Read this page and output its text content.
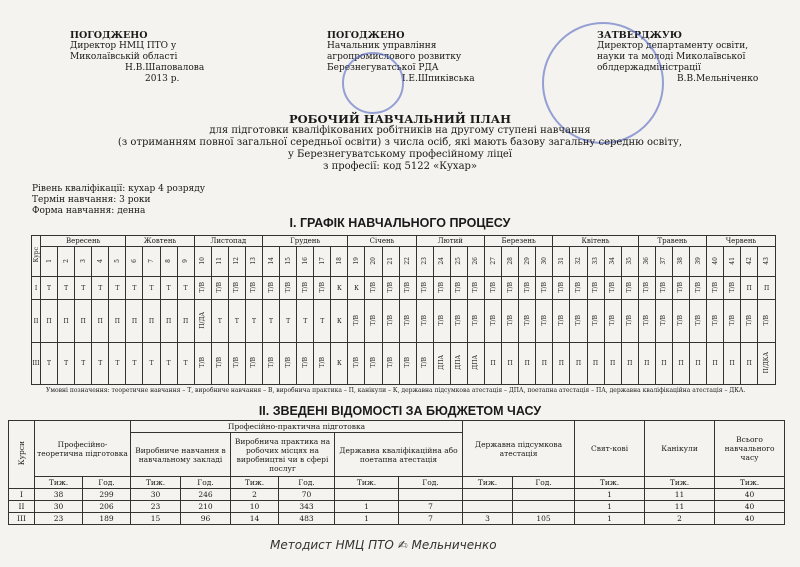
ПОГОДЖЕНО
Директор НМЦ ПТО у
Миколаївській області
Н.В.Шаповалова
2013 р.
ПОГОДЖЕНО
Начальник управління
агропромислового розвитку
Березнегуватської РДА
І.Е.Шпиківська
ЗАТВЕРДЖУЮ
Директор департаменту освіти,
науки та молоді Миколаївської
облдержадміністрації
В.В.Мельніченко
РОБОЧИЙ НАВЧАЛЬНИЙ ПЛАН
для підготовки кваліфікованих робітників на другому ступені навчання
(з отриманням повної загальної середньої освіти) з числа осіб, які мають базову загальну середню освіту,
у Березнегуватському професійному ліцеї
з професії: код 5122 «Кухар»
Рівень кваліфікації: кухар 4 розряду
Термін навчання: 3 роки
Форма навчання: денна
І. ГРАФІК НАВЧАЛЬНОГО ПРОЦЕСУ
Курс	Вересень					Жовтень				Листопад				Грудень					Січень				Лютий				Березень				Квітень					Травень				Червень			
	1	2	3	4	5	6	7	8	9	10	11	12	13	14	15	16	17	18	19	20	21	22	23	24	25	26	27	28	29	30	31	32	33	34	35	36	37	38	39	40	41	42	43
I	Т	Т	Т	Т	Т	Т	Т	Т	Т	Т/В	Т/В	Т/В	Т/В	Т/В	Т/В	Т/В	Т/В	К	К	Т/В	Т/В	Т/В	Т/В	Т/В	Т/В	Т/В	Т/В	Т/В	Т/В	Т/В	Т/В	Т/В	Т/В	Т/В	Т/В	Т/В	Т/В	Т/В	Т/В	Т/В	Т/В	П	П
II	П	П	П	П	П	П	П	П	П	П/ДА	Т	Т	Т	Т	Т	Т	Т	К	Т/В	Т/В	Т/В	Т/В	Т/В	Т/В	Т/В	Т/В	Т/В	Т/В	Т/В	Т/В	Т/В	Т/В	Т/В	Т/В	Т/В	Т/В	Т/В	Т/В	Т/В	Т/В	Т/В	Т/В	Т/В
III	Т	Т	Т	Т	Т	Т	Т	Т	Т	Т/В	Т/В	Т/В	Т/В	Т/В	Т/В	Т/В	Т/В	К	Т/В	Т/В	Т/В	Т/В	Т/В	ДПА	ДПА	ДПА	П	П	П	П	П	П	П	П	П	П	П	П	П	П	П	П	П/ДКА
Умовні позначення: теоретичне навчання – Т, виробниче навчання – В, виробнича практика – П, канікули – К, державна підсумкова атестація – ДПА, поетапна атестація – ПА, державна кваліфікаційна атестація – ДКА.
ІІ. ЗВЕДЕНІ ВІДОМОСТІ ЗА БЮДЖЕТОМ ЧАСУ
Курси	Професійно-теоретична підготовка		Професійно-практична підготовка						Державна підсумкова атестація		Свят-кові	Канікули	Всього навчального часу
			Виробниче навчання в навчальному закладі		Виробнича практика на робочих місцях на виробництві чи в сфері послуг		Державна кваліфікаційна або поетапна атестація						
	Тиж.	Год.	Тиж.	Год.	Тиж.	Год.	Тиж.	Год.	Тиж.	Год.	Тиж.	Тиж.	Тиж.
I	38	299	30	246	2	70					1	11	40
II	30	206	23	210	10	343	1	7			1	11	40
III	23	189	15	96	14	483	1	7	3	105	1	2	40
Методист НМЦ ПТО ✍ Мельниченко
